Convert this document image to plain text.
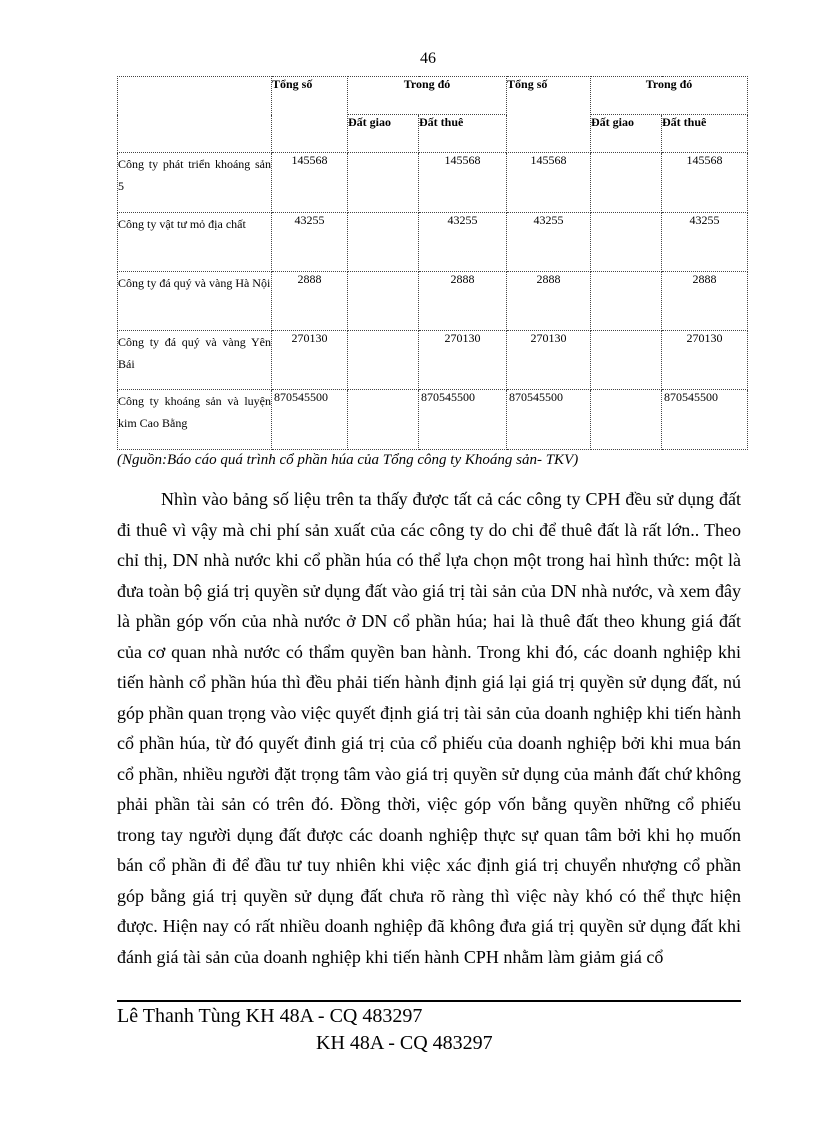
46
	Tổng số	Trong đó		Tổng số	Trong đó	
		Đất giao	Đất thuê		Đất giao	Đất thuê
Công ty phát triển khoáng sản 5	145568		145568	145568		145568
Công ty vật tư mỏ địa chất	43255		43255	43255		43255
Công ty đá quý và vàng Hà Nội	2888		2888	2888		2888
Công ty đá quý và vàng Yên Bái	270130		270130	270130		270130
Công ty khoáng sản và luyện kim Cao Bằng	870545500		870545500	870545500		870545500
(Nguồn:Báo cáo quá trình cổ phần húa của Tổng công ty Khoáng sản- TKV)
Nhìn vào bảng số liệu trên ta thấy được tất cả các công ty CPH đều sử dụng đất đi thuê vì vậy mà chi phí sản xuất của các công ty do chi để thuê đất là rất lớn.. Theo chỉ thị, DN nhà nước khi cổ phần húa có thể lựa chọn một trong hai hình thức: một là đưa toàn bộ giá trị quyền sử dụng đất vào giá trị tài sản của DN nhà nước, và xem đây là phần góp vốn của nhà nước ở DN cổ phần húa; hai là thuê đất theo khung giá đất của cơ quan nhà nước có thẩm quyền ban hành. Trong khi đó, các doanh nghiệp khi tiến hành cổ phần húa thì đều phải tiến hành định giá lại giá trị quyền sử dụng đất, nú góp phần quan trọng vào việc quyết định giá trị tài sản của doanh nghiệp khi tiến hành cổ phần húa, từ đó quyết đinh giá trị của cổ phiếu của doanh nghiệp bởi khi mua bán cổ phần, nhiều người đặt trọng tâm vào giá trị quyền sử dụng của mảnh đất chứ không phải phần tài sản có trên đó. Đồng thời, việc góp vốn bằng quyền những cổ phiếu trong tay người dụng đất được các doanh nghiệp thực sự quan tâm bởi khi họ muốn bán cổ phần đi để đầu tư tuy nhiên khi việc xác định giá trị chuyển nhượng cổ phần góp bằng giá trị quyền sử dụng đất chưa rõ ràng thì việc này khó có thể thực hiện được. Hiện nay có rất nhiều doanh nghiệp đã không đưa giá trị quyền sử dụng đất khi đánh giá tài sản của doanh nghiệp khi tiến hành CPH nhằm làm giảm giá cổ
Lê Thanh Tùng KH 48A - CQ 483297
KH 48A - CQ 483297
